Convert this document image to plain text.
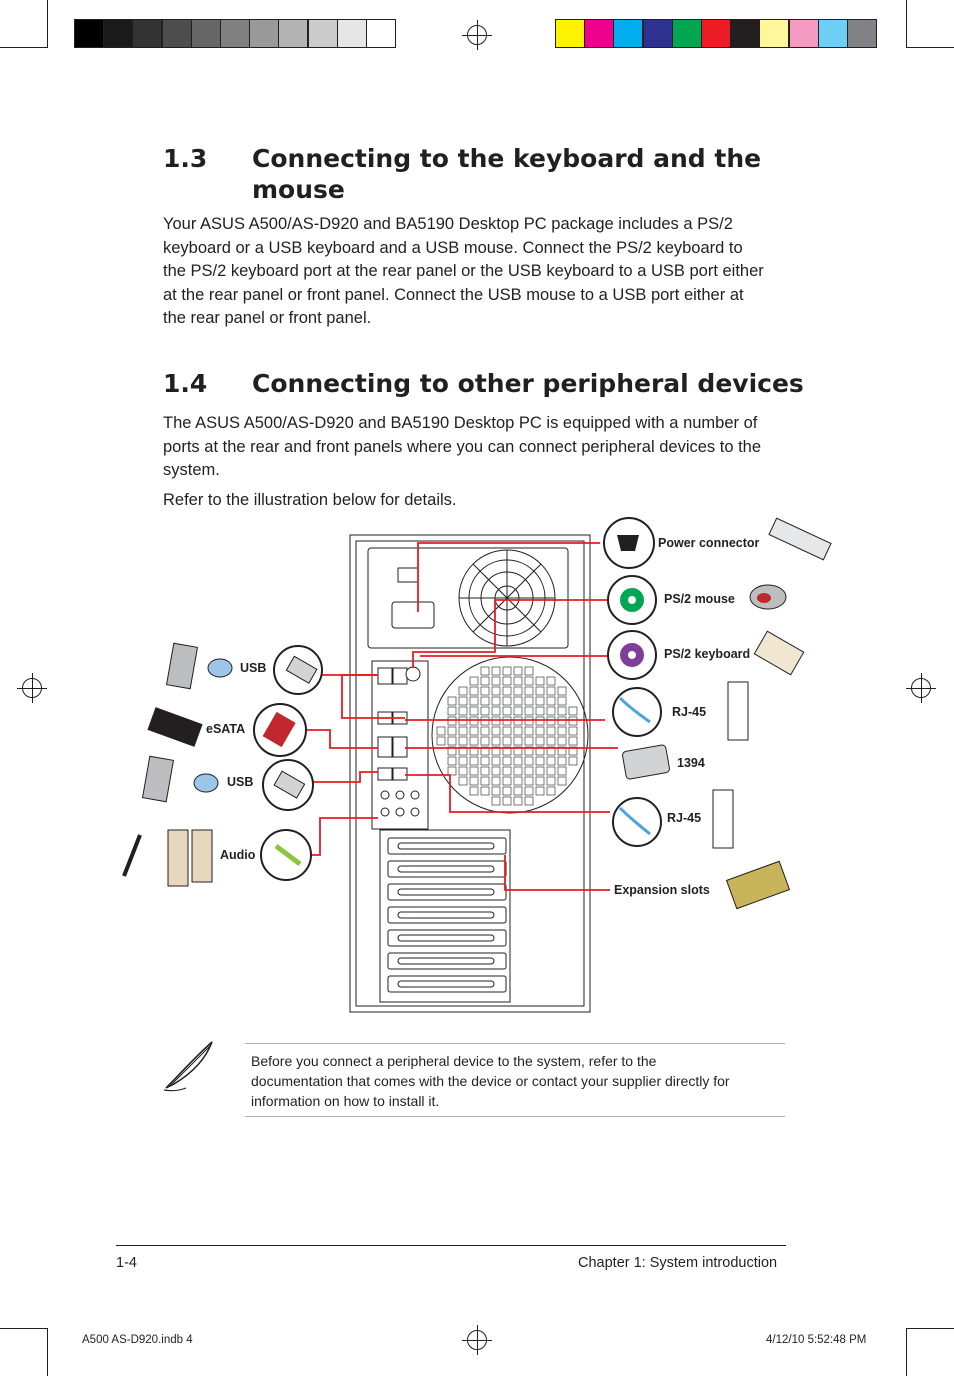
1.3 Connecting to the keyboard and the
mouse
Your ASUS A500/AS-D920 and BA5190 Desktop PC package includes a PS/2
keyboard or a USB keyboard and a USB mouse. Connect the PS/2 keyboard to
the PS/2 keyboard port at the rear panel or the USB keyboard to a USB port either
at the rear panel or front panel. Connect the USB mouse to a USB port either at
the rear panel or front panel.
1.4 Connecting to other peripheral devices
The ASUS A500/AS-D920 and BA5190 Desktop PC is equipped with a number of
ports at the rear and front panels where you can connect peripheral devices to the
system.
Refer to the illustration below for details.
Power connector
PS/2 mouse
PS/2 keyboard
RJ-45
1394
RJ-45
Expansion slots
USB
eSATA
USB
Audio
Before you connect a peripheral device to the system, refer to the
documentation that comes with the device or contact your supplier directly for
information on how to install it.
1-4	Chapter 1: System introduction
A500 AS-D920.indb 4	4/12/10 5:52:48 PM
